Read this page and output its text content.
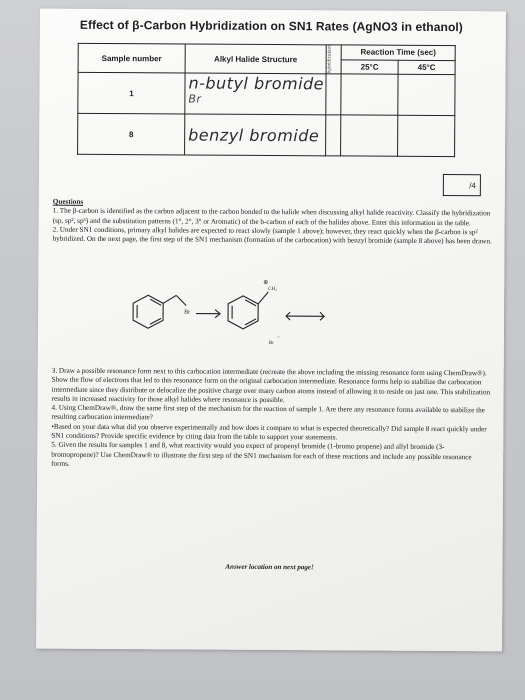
Effect of β-Carbon Hybridization on SN1 Rates (AgNO3 in ethanol)
Sample number	Alkyl Halide Structure	hybridization	Reaction Time (sec)	
			25°C	45°C
1	n-butyl bromide
Br			

8	benzyl bromide			

/4
Questions
1. The β-carbon is identified as the carbon adjacent to the carbon bonded to the halide when discussing alkyl halide reactivity. Classify the hybridization (sp, sp², sp³) and the substitution patterns (1°, 2°, 3° or Aromatic) of the b-carbon of each of the halides above. Enter this information in the table.
2. Under SN1 conditions, primary alkyl halides are expected to react slowly (sample 1 above); however, they react quickly when the β-carbon is sp² hybridized. On the next page, the first step of the SN1 mechanism (formation of the carbocation) with benzyl bromide (sample 8 above) has been drawn.
Br
CH₂
⊕
Br
−
3. Draw a possible resonance form next to this carbocation intermediate (recreate the above including the missing resonance form using ChemDraw®). Show the flow of electrons that led to this resonance form on the original carbocation intermediate. Resonance forms help to stabilize the carbocation intermediate since they distribute or delocalize the positive charge over many carbon atoms instead of allowing it to reside on just one. This stabilization results in increased reactivity for those alkyl halides where resonance is possible.
4. Using ChemDraw®, draw the same first step of the mechanism for the reaction of sample 1. Are there any resonance forms available to stabilize the resulting carbocation intermediate?
•Based on your data what did you observe experimentally and how does it compare to what is expected theoretically? Did sample 8 react quickly under SN1 conditions? Provide specific evidence by citing data from the table to support your statements.
5. Given the results for samples 1 and 8, what reactivity would you expect of propenyl bromide (1-bromo propene) and allyl bromide (3-bromopropene)? Use ChemDraw® to illustrate the first step of the SN1 mechanism for each of these reactions and include any possible resonance forms.
Answer location on next page!
